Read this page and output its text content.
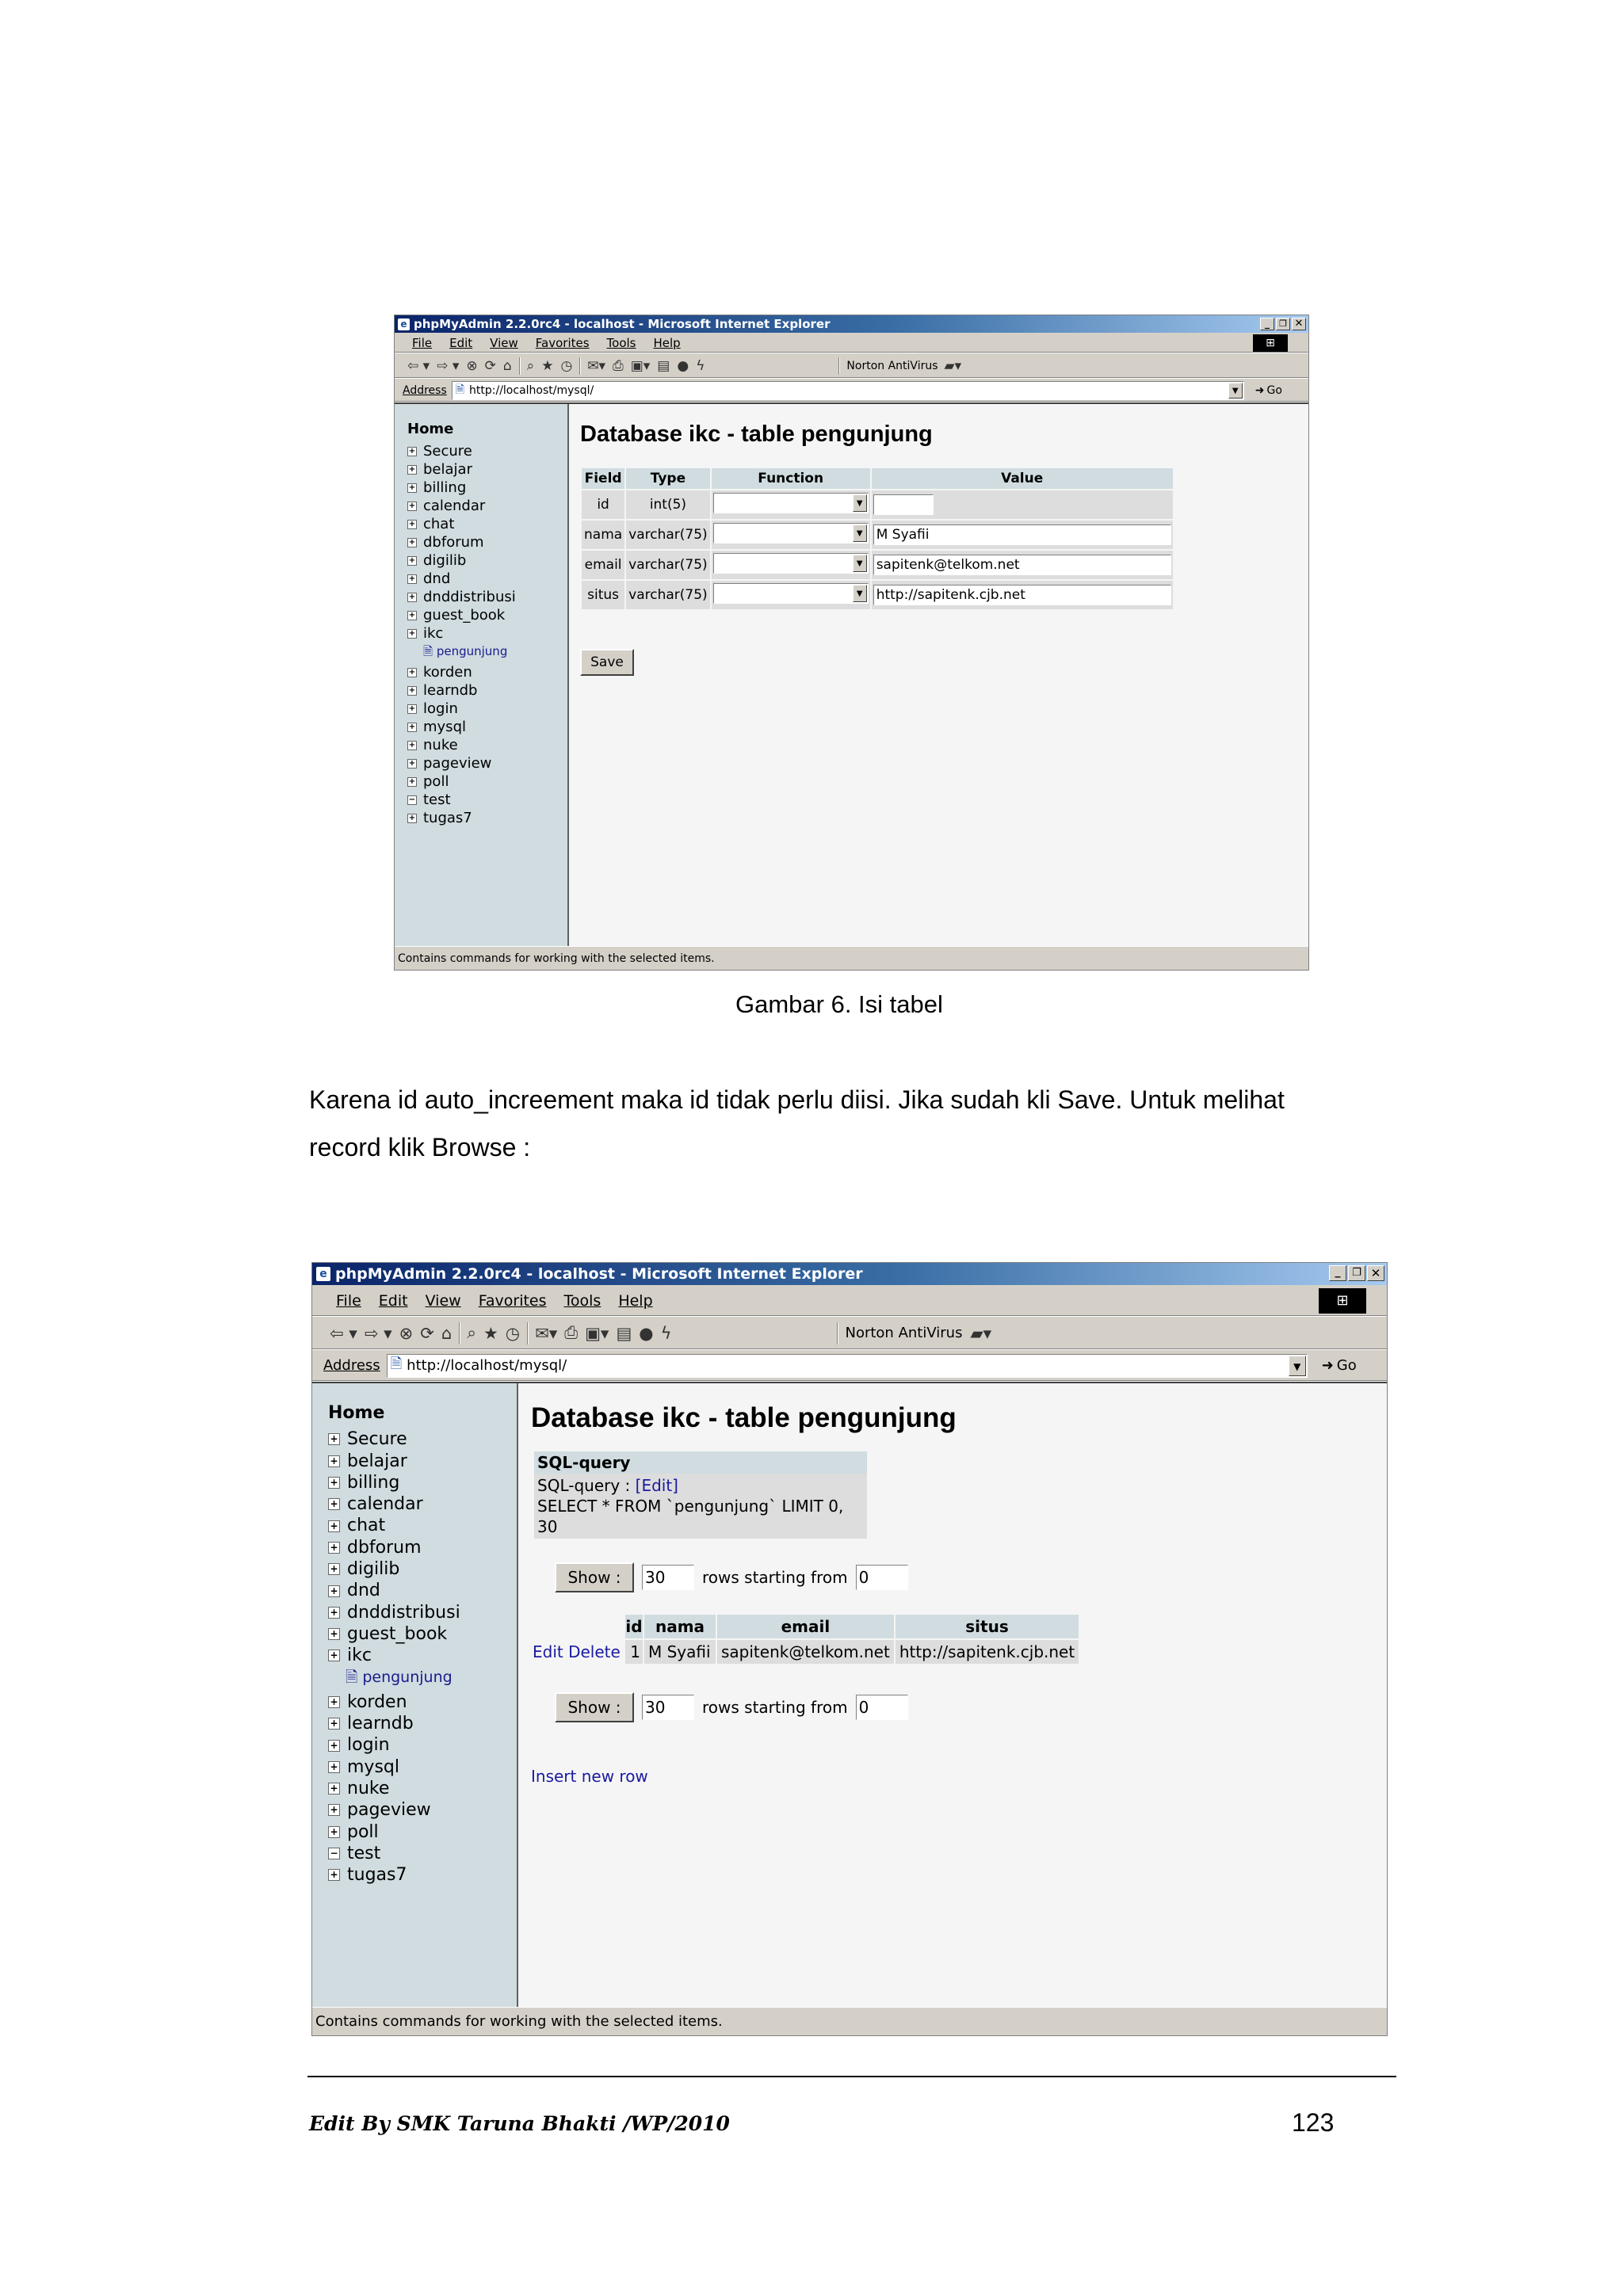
e phpMyAdmin 2.2.0rc4 - localhost - Microsoft Internet Explorer	_	❐ ✕
File Edit View Favorites Tools Help	⊞
⇦ ▾ ⇨ ▾ ⊗ ⟳ ⌂ ⌕ ★ ◷ ✉▾ ⎙ ▣▾ ▤ ● ϟ	Norton AntiVirus ▰▾
Address 🗎 http://localhost/mysql/	▼	➜ Go
Home
+ Secure
+ belajar
+ billing
+ calendar
+ chat
+ dbforum
+ digilib
+ dnd
+ dnddistribusi
+ guest_book
+ ikc
🗎 pengunjung
+ korden
+ learndb
+ login
+ mysql
+ nuke
+ pageview
+ poll
− test
+ tugas7
Database ikc - table pengunjung
Field	Type	Function	Value
id	int(5)	▼	

nama	varchar(75)	▼	M Syafii
email	varchar(75)	▼	sapitenk@telkom.net
situs	varchar(75)	▼	http://sapitenk.cjb.net
Save
Contains commands for working with the selected items.
Gambar 6. Isi tabel
Karena id auto_increement maka id tidak perlu diisi. Jika sudah kli Save. Untuk melihat
record klik Browse :
e phpMyAdmin 2.2.0rc4 - localhost - Microsoft Internet Explorer	_	❐ ✕
File Edit View Favorites Tools Help	⊞
⇦ ▾ ⇨ ▾ ⊗ ⟳ ⌂ ⌕ ★ ◷ ✉▾ ⎙ ▣▾ ▤ ● ϟ	Norton AntiVirus ▰▾
Address 🗎 http://localhost/mysql/	▼	➜ Go
Home
+ Secure
+ belajar
+ billing
+ calendar
+ chat
+ dbforum
+ digilib
+ dnd
+ dnddistribusi
+ guest_book
+ ikc
🗎 pengunjung
+ korden
+ learndb
+ login
+ mysql
+ nuke
+ pageview
+ poll
− test
+ tugas7
Database ikc - table pengunjung
SQL-query
SQL-query : [Edit]
SELECT * FROM `pengunjung` LIMIT 0, 30
Show :	30	rows starting from 0
	id	nama	email	situs
Edit Delete	1	M Syafii	sapitenk@telkom.net	http://sapitenk.cjb.net
Show :	30	rows starting from 0
Insert new row
Contains commands for working with the selected items.
Edit By SMK Taruna Bhakti /WP/2010	123
